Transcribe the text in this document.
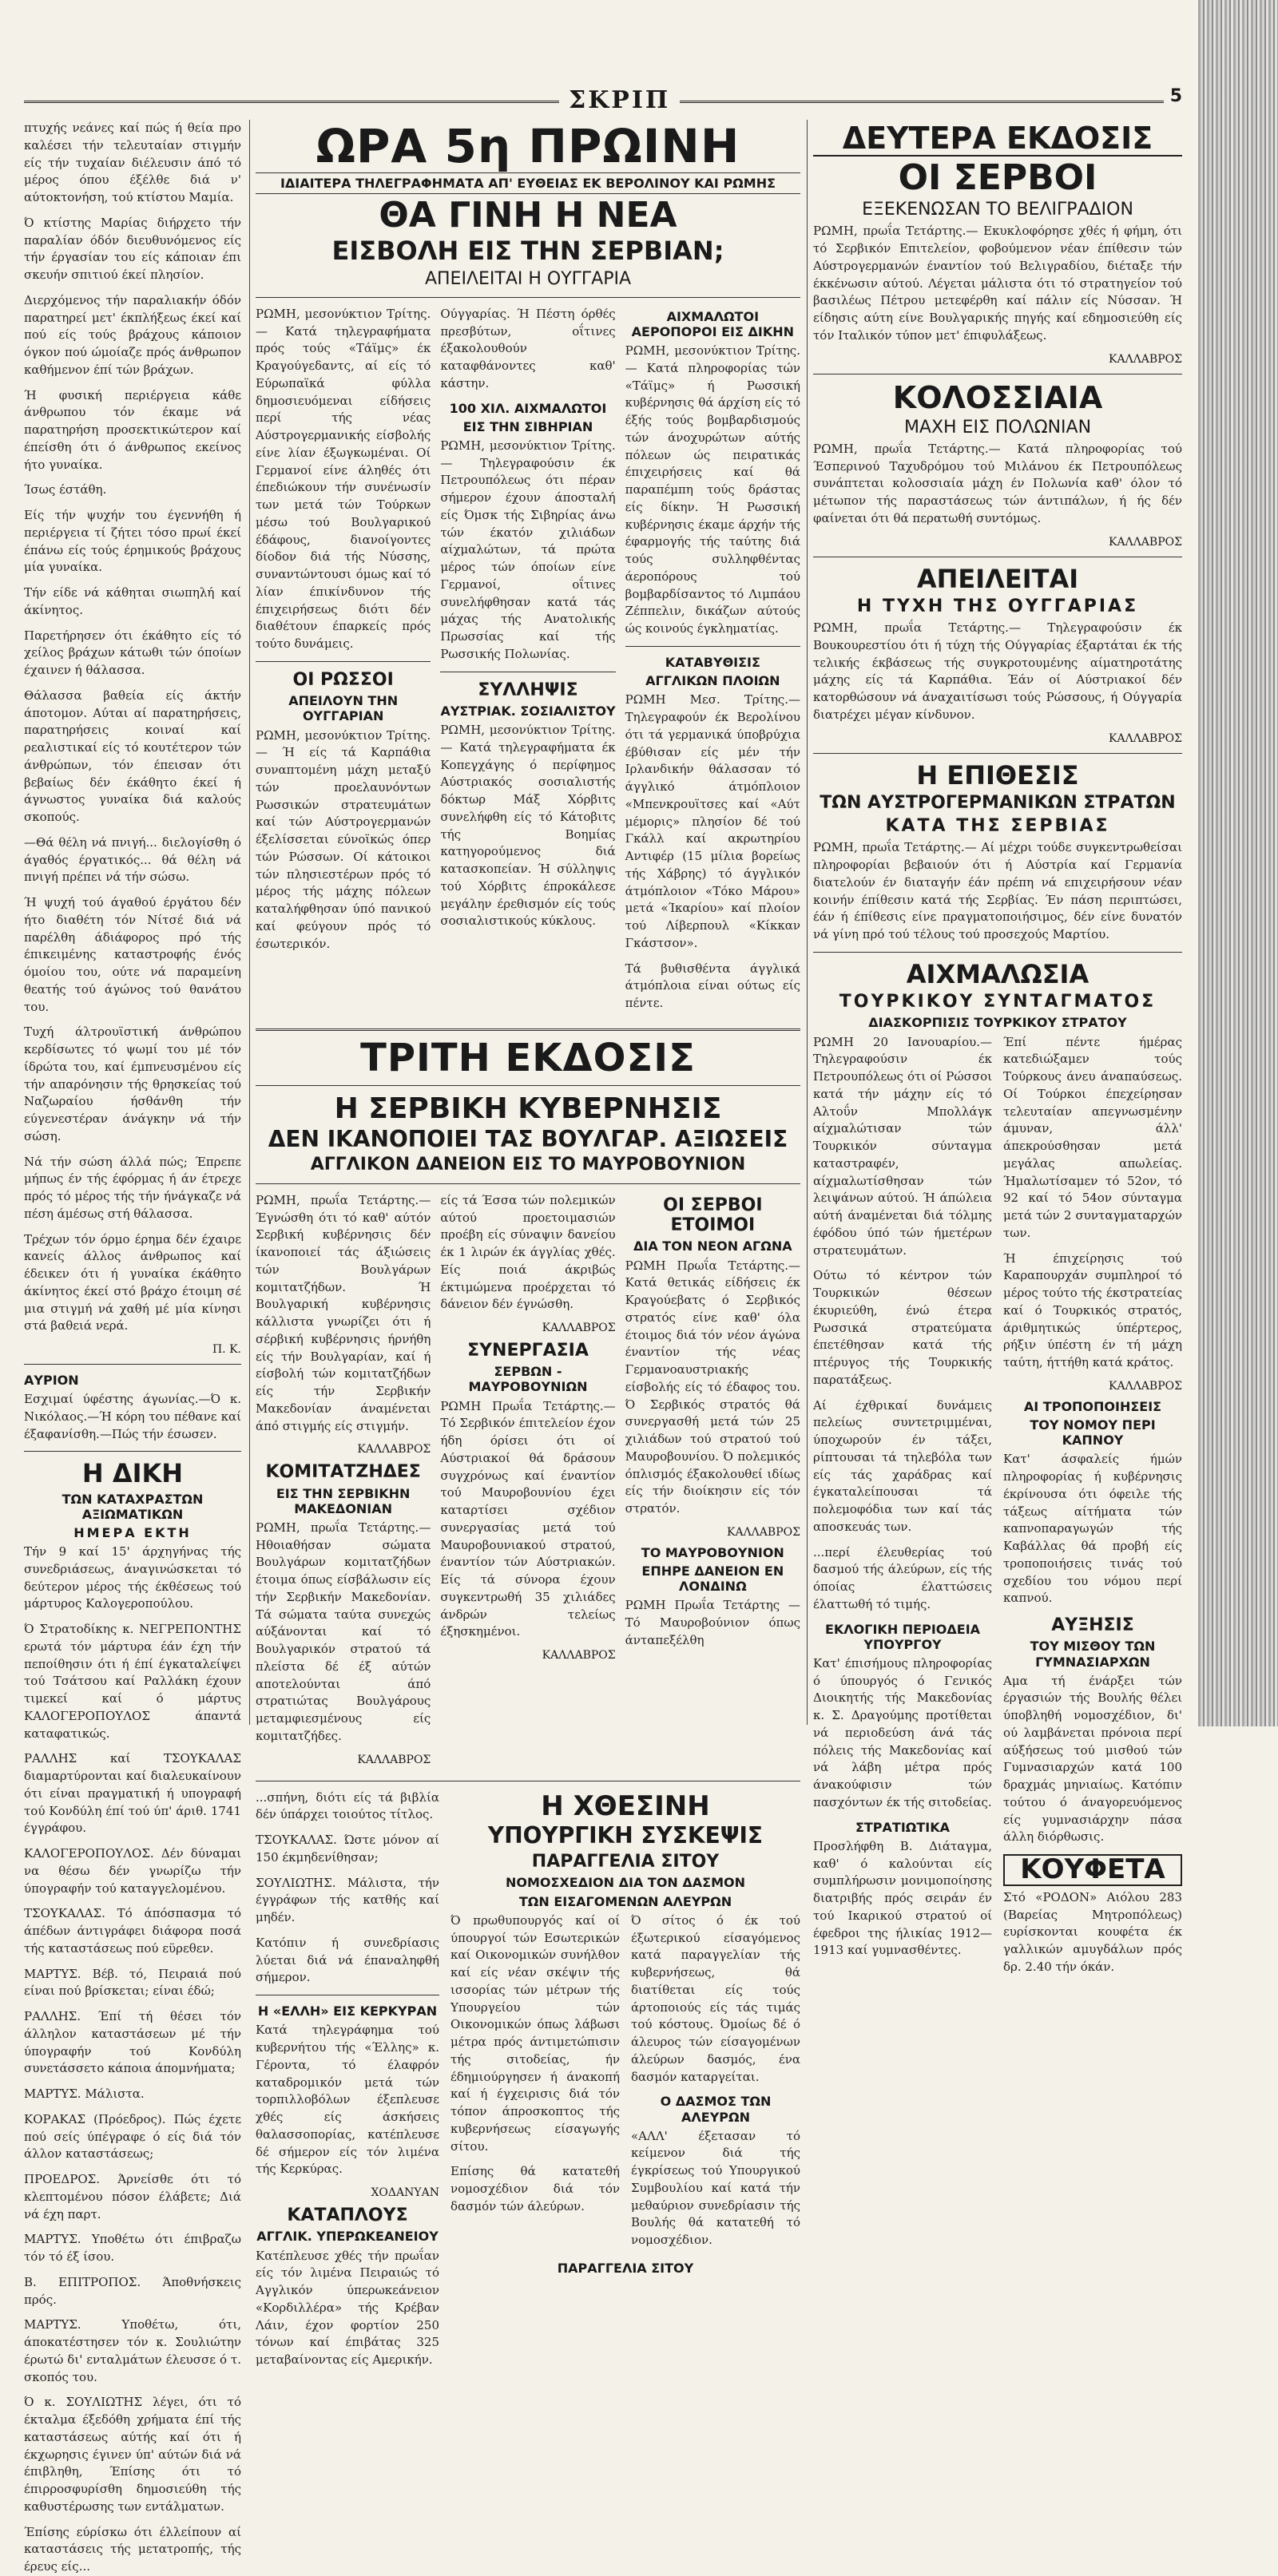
ΣΚΡΙΠ	5

πτυχής νεάνες καί πώς ή θεία προ καλέσει τήν τελευταίαν στιγμήν είς τήν τυχαίαν διέλευσιν άπό τό μέρος όπου έξέλθε διά ν' αύτοκτονήση, τού κτίστου Μαμία.

Ό κτίστης Μαρίας διήρχετο τήν παραλίαν όδόν διευθυνόμενος είς τήν έργασίαν του είς κάποιαν έπι σκευήν σπιτιού έκεί πλησίον.

Διερχόμενος τήν παραλιακήν όδόν παρατηρεί μετ' έκπλήξεως έκεί καί πού είς τούς βράχους κάποιον όγκον πού ώμοίαζε πρός άνθρωπον καθήμενον έπί τών βράχων.

Ή φυσική περιέργεια κάθε άνθρωπου τόν έκαμε νά παρατηρήση προσεκτικώτερον καί έπείσθη ότι ό άνθρωπος εκείνος ήτο γυναίκα.

Ίσως έστάθη.

Είς τήν ψυχήν του έγεννήθη ή περιέργεια τί ζήτει τόσο πρωί έκεί έπάνω είς τούς έρημικούς βράχους μία γυναίκα.

Τήν είδε νά κάθηται σιωπηλή καί άκίνητος.

Παρετήρησεν ότι έκάθητο είς τό χείλος βράχων κάτωθι τών όποίων έχαινεν ή θάλασσα.

Θάλασσα βαθεία είς άκτήν άποτομον. Αύται αί παρατηρήσεις, παρατηρήσεις κοιναί καί ρεαλιστικαί είς τό κουτέτερον τών άνθρώπων, τόν έπεισαν ότι βεβαίως δέν έκάθητο έκεί ή άγνωστος γυναίκα διά καλούς σκοπούς.

—Θά θέλη νά πνιγή... διελογίσθη ό άγαθός έργατικός... θά θέλη νά πνιγή πρέπει νά τήν σώσω.

Ή ψυχή τού άγαθού έργάτου δέν ήτο διαθέτη τόν Νίτσέ διά νά παρέλθη άδιάφορος πρό τής έπικειμένης καταστροφής ένός όμοίου του, ούτε νά παραμείνη θεατής τού άγώνος τού θανάτου του.

Τυχή άλτρουϊστική άνθρώπου κερδίσωτες τό ψωμί του μέ τόν ίδρώτα του, καί έμπνευσμένου είς τήν απαρόνησιν τής θρησκείας τού Ναζωραίου ήσθάνθη τήν εύγενεστέραν άνάγκην νά τήν σώση.

Νά τήν σώση άλλά πώς; Έπρεπε μήπως έν τής έφόρμας ή άν έτρεχε πρός τό μέρος τής τήν ήνάγκαζε νά πέση άμέσως στή θάλασσα.

Τρέχων τόν όρμο έρημα δέν έχαιρε κανείς άλλος άνθρωπος καί έδεικεν ότι ή γυναίκα έκάθητο άκίνητος έκεί στό βράχο έτοιμη σέ μια στιγμή νά χαθή μέ μία κίνησι στά βαθειά νερά.

Π. Κ.
ΑΥΡΙΟΝ

Εσχιμαί ύφέστης άγωνίας.—Ό κ. Νικόλαος.—Ή κόρη του πέθανε καί έξαφανίσθη.—Πώς τήν έσωσεν.

Η ΔΙΚΗ
ΤΩΝ ΚΑΤΑΧΡΑΣΤΩΝ ΑΞΙΩΜΑΤΙΚΩΝ
ΗΜΕΡΑ ΕΚΤΗ

Τήν 9 καί 15' άρχηγήνας τής συνεδριάσεως, άναγινώσκεται τό δεύτερον μέρος τής έκθέσεως τού μάρτυρος Καλογεροπούλου.

Ό Στρατοδίκης κ. ΝΕΓΡΕΠΟΝΤΗΣ ερωτά τόν μάρτυρα έάν έχη τήν πεποίθησιν ότι ή έπί έγκαταλείψει τού Τσάτσου καί Ραλλάκη έχουν τιμεκεί καί ό μάρτυς ΚΑΛΟΓΕΡΟΠΟΥΛΟΣ άπαντά καταφατικώς.

ΡΑΛΛΗΣ καί ΤΣΟΥΚΑΛΑΣ διαμαρτύρονται καί διαλευκαίνουν ότι είναι πραγματική ή υπογραφή τού Κονδύλη έπί τού ύπ' άριθ. 1741 έγγράφου.

ΚΑΛΟΓΕΡΟΠΟΥΛΟΣ. Δέν δύναμαι να θέσω δέν γνωρίζω τήν ύπογραφήν τού καταγγελομένου.

ΤΣΟΥΚΑΛΑΣ. Τό άπόσπασμα τό άπέδων άντιγράφει διάφορα ποσά τής καταστάσεως πού εϋρεθεν.

ΜΑΡΤΥΣ. Βέβ. τό, Πειραιά πού είναι πού βρίσκεται; είναι έδώ;

ΡΑΛΛΗΣ. Έπί τή θέσει τόν άλληλον καταστάσεων μέ τήν ύπογραφήν τού Κονδύλη συνετάσσετο κάποια άπομνήματα;

ΜΑΡΤΥΣ. Μάλιστα.

ΚΟΡΑΚΑΣ (Πρόεδρος). Πώς έχετε πού σείς ύπέγραφε ό είς διά τόν άλλον καταστάσεως;

ΠΡΟΕΔΡΟΣ. Άρνείσθε ότι τό κλεπτομένου πόσον έλάβετε; Διά νά έχη παρτ.

ΜΑΡΤΥΣ. Υποθέτω ότι έπιβραζω τόν τό έξ ίσου.

Β. ΕΠΙΤΡΟΠΟΣ. Άποθνήσκεις πρός.

ΜΑΡΤΥΣ. Υποθέτω, ότι, άποκατέστησεν τόν κ. Σουλιώτην έρωτώ δι' ενταλμάτων έλευσσε ό τ. σκοπός του.

Ό κ. ΣΟΥΛΙΩΤΗΣ λέγει, ότι τό έκταλμα έξεδόθη χρήματα έπί τής καταστάσεως αύτής καί ότι ή έκχωρησις έγινεν ύπ' αύτών διά νά έπιβληθη, Έπίσης ότι τό έπιρροσφυρίσθη δημοσιεύθη τής καθυστέρωσης των εντάλματων.

Έπίσης εύρίσκω ότι έλλείπουν αί καταστάσεις τής μετατροπής, τής έρευς είς...

ΩΡΑ 5η ΠΡΩΙΝΗ
ΙΔΙΑΙΤΕΡΑ ΤΗΛΕΓΡΑΦΗΜΑΤΑ ΑΠ' ΕΥΘΕΙΑΣ ΕΚ ΒΕΡΟΛΙΝΟΥ ΚΑΙ ΡΩΜΗΣ
ΘΑ ΓΙΝΗ Η ΝΕΑ
ΕΙΣΒΟΛΗ ΕΙΣ ΤΗΝ ΣΕΡΒΙΑΝ;
ΑΠΕΙΛΕΙΤΑΙ Η ΟΥΓΓΑΡΙΑ

ΡΩΜΗ, μεσονύκτιον Τρίτης.— Κατά τηλεγραφήματα πρός τούς «Τάϊμς» έκ Κραγούγεδαντς, αί είς τό Εύρωπαϊκά φύλλα δημοσιευόμεναι είδήσεις περί τής νέας Αύστρογερμανικής είσβολής είνε λίαν έξωγκωμέναι. Οί Γερμανοί είνε άληθές ότι έπεδιώκουν τήν συνένωσίν των μετά τών Τούρκων μέσω τού Βουλγαρικού έδάφους, διανοίγοντες δίοδον διά τής Νύσσης, συναντώντουσι όμως καί τό λίαν έπικίνδυνον τής έπιχειρήσεως διότι δέν διαθέτουν έπαρκείς πρός τούτο δυνάμεις.

ΟΙ ΡΩΣΣΟΙ
ΑΠΕΙΛΟΥΝ ΤΗΝ ΟΥΓΓΑΡΙΑΝ

ΡΩΜΗ, μεσονύκτιον Τρίτης.— Ή είς τά Καρπάθια συναπτομένη μάχη μεταξύ τών προελαυνόντων Ρωσσικών στρατευμάτων καί τών Αύστρογερμανών έξελίσσεται εύνοϊκώς όπερ τών Ρώσσων. Οί κάτοικοι τών πλησιεστέρων πρός τό μέρος τής μάχης πόλεων καταλήφθησαν ύπό πανικού καί φεύγουν πρός τό έσωτερικόν.

Ούγγαρίας. Ή Πέστη όρθές πρεσβύτων, οΐτινες έξακολουθούν καταφθάνοντες καθ' κάστην.

100 ΧΙΛ. ΑΙΧΜΑΛΩΤΟΙ
ΕΙΣ ΤΗΝ ΣΙΒΗΡΙΑΝ

ΡΩΜΗ, μεσονύκτιον Τρίτης.— Τηλεγραφούσιν έκ Πετρουπόλεως ότι πέραν σήμερον έχουν άποσταλή είς Όμσκ τής Σιβηρίας άνω τών έκατόν χιλιάδων αίχμαλώτων, τά πρώτα μέρος τών όποίων είνε Γερμανοί, οΐτινες συνελήφθησαν κατά τάς μάχας τής Ανατολικής Πρωσσίας καί τής Ρωσσικής Πολωνίας.

ΣΥΛΛΗΨΙΣ
ΑΥΣΤΡΙΑΚ. ΣΟΣΙΑΛΙΣΤΟΥ

ΡΩΜΗ, μεσονύκτιον Τρίτης.— Κατά τηλεγραφήματα έκ Κοπεγχάγης ό περίφημος Αύστριακός σοσιαλιστής δόκτωρ Μάξ Χόρβιτς συνελήφθη είς τό Κάτοβιτς τής Βοημίας κατηγορούμενος διά κατασκοπείαν. Ή σύλληψις τού Χόρβιτς έπροκάλεσε μεγάλην έρεθισμόν είς τούς σοσιαλιστικούς κύκλους.

ΑΙΧΜΑΛΩΤΟΙ ΑΕΡΟΠΟΡΟΙ ΕΙΣ ΔΙΚΗΝ

ΡΩΜΗ, μεσονύκτιον Τρίτης.— Κατά πληροφορίας τών «Τάϊμς» ή Ρωσσική κυβέρνησις θά άρχίση είς τό έξής τούς βομβαρδισμούς τών άνοχυρώτων αύτής πόλεων ώς πειρατικάς έπιχειρήσεις καί θά παραπέμπη τούς δράστας είς δίκην. Ή Ρωσσική κυβέρνησις έκαμε άρχήν τής έφαρμογής τής ταύτης διά τούς συλληφθέντας άεροπόρους τού βομβαρδίσαντος τό Λιμπάου Ζέππελιν, δικάζων αύτούς ώς κοινούς έγκληματίας.

ΚΑΤΑΒΥΘΙΣΙΣ
ΑΓΓΛΙΚΩΝ ΠΛΟΙΩΝ

ΡΩΜΗ Μεσ. Τρίτης.—Τηλεγραφούν έκ Βερολίνου ότι τά γερμανικά ύποβρύχια έβύθισαν είς μέν τήν Ιρλανδικήν θάλασσαν τό άγγλικό άτμόπλοιον «Μπενκρουϊτσες καί «Αύτ μέμορις» πλησίον δέ τού Γκάλλ καί ακρωτηρίου Αντιφέρ (15 μίλια βορείως τής Χάβρης) τό άγγλικόν άτμόπλοιον «Τόκο Μάρου» μετά «Ίκαρίου» καί πλοίον τού Λίβερπουλ «Κίκκαν Γκάστσον».

Τά βυθισθέντα άγγλικά άτμόπλοια είναι ούτως είς πέντε.

ΤΡΙΤΗ ΕΚΔΟΣΙΣ
Η ΣΕΡΒΙΚΗ ΚΥΒΕΡΝΗΣΙΣ
ΔΕΝ ΙΚΑΝΟΠΟΙΕΙ ΤΑΣ ΒΟΥΛΓΑΡ. ΑΞΙΩΣΕΙΣ
ΑΓΓΛΙΚΟΝ ΔΑΝΕΙΟΝ ΕΙΣ ΤΟ ΜΑΥΡΟΒΟΥΝΙΟΝ

ΡΩΜΗ, πρωΐα Τετάρτης.— Έγνώσθη ότι τό καθ' αύτόν Σερβική κυβέρνησις δέν ίκανοποιεί τάς άξιώσεις τών Βουλγάρων κομιτατζήδων. Ή Βουλγαρική κυβέρνησις κάλλιστα γνωρίζει ότι ή σέρβική κυβέρνησις ήρνήθη είς τήν Βουλγαρίαν, καί ή είσβολή τών κομιτατζήδων είς τήν Σερβικήν Μακεδονίαν άναμένεται άπό στιγμής είς στιγμήν.

ΚΑΛΛΑΒΡΟΣ
ΚΟΜΙΤΑΤΖΗΔΕΣ
ΕΙΣ ΤΗΝ ΣΕΡΒΙΚΗΝ ΜΑΚΕΔΟΝΙΑΝ

ΡΩΜΗ, πρωΐα Τετάρτης.— Ηθοιαθήσαν σώματα Βουλγάρων κομιτατζήδων έτοιμα όπως είσβάλωσιν είς τήν Σερβικήν Μακεδονίαν. Τά σώματα ταύτα συνεχώς αύξάνονται καί τό Βουλγαρικόν στρατού τά πλείστα δέ έξ αύτών αποτελούνται άπό στρατιώτας Βουλγάρους μεταμφιεσμένους είς κομιτατζήδες.

ΚΑΛΛΑΒΡΟΣ

είς τά Έσσα τών πολεμικών αύτού προετοιμασιών προέβη είς σύναψιν δανείου έκ 1 λιρών έκ άγγλίας χθές. Είς ποιά άκριβώς έκτιμώμενα προέρχεται τό δάνειον δέν έγνώσθη.

ΚΑΛΛΑΒΡΟΣ
ΣΥΝΕΡΓΑΣΙΑ
ΣΕΡΒΩΝ - ΜΑΥΡΟΒΟΥΝΙΩΝ

ΡΩΜΗ Πρωΐα Τετάρτης.—Τό Σερβικόν έπιτελείον έχον ήδη όρίσει ότι οί Αύστριακοί θά δράσουν συγχρόνως καί έναντίον τού Μαυροβουνίου έχει καταρτίσει σχέδιον συνεργασίας μετά τού Μαυροβουνιακού στρατού, έναντίον τών Αύστριακών. Είς τά σύνορα έχουν συγκεντρωθή 35 χιλιάδες άνδρών τελείως έξησκημένοι.

ΚΑΛΛΑΒΡΟΣ
ΟΙ ΣΕΡΒΟΙ ΕΤΟΙΜΟΙ
ΔΙΑ ΤΟΝ ΝΕΟΝ ΑΓΩΝΑ

ΡΩΜΗ Πρωΐα Τετάρτης.—Κατά θετικάς είδήσεις έκ Κραγούεβατς ό Σερβικός στρατός είνε καθ' όλα έτοιμος διά τόν νέον άγώνα έναντίον τής νέας Γερμανοαυστριακής είσβολής είς τό έδαφος του. Ό Σερβικός στρατός θά συνεργασθή μετά τών 25 χιλιάδων τού στρατού τού Μαυροβουνίου. Ό πολεμικός όπλισμός έξακολουθεί ιδίως είς τήν διοίκησιν είς τόν στρατόν.

ΚΑΛΛΑΒΡΟΣ
ΤΟ ΜΑΥΡΟΒΟΥΝΙΟΝ
ΕΠΗΡΕ ΔΑΝΕΙΟΝ ΕΝ ΛΟΝΔΙΝΩ

ΡΩΜΗ Πρωΐα Τετάρτης —Τό Μαυροβούνιον όπως άνταπεξέλθη

...σπήνη, διότι είς τά βιβλία δέν ύπάρχει τοιούτος τίτλος.

ΤΣΟΥΚΑΛΑΣ. Ώστε μόνον αί 150 έκμηδενίθησαν;

ΣΟΥΛΙΩΤΗΣ. Μάλιστα, τήν έγγράφων τής κατθής καί μηδέν.

Κατόπιν ή συνεδρίασις λύεται διά νά έπαναληφθή σήμερον.

Η «ΕΛΛΗ» ΕΙΣ ΚΕΡΚΥΡΑΝ

Κατά τηλεγράφημα τού κυβερνήτου τής «Έλλης» κ. Γέροντα, τό έλαφρόν καταδρομικόν μετά τών τορπιλλοβόλων έξεπλευσε χθές είς άσκήσεις θαλασσοπορίας, κατέπλευσε δέ σήμερον είς τόν λιμένα τής Κερκύρας.

ΧΟΔΑΝΥΑΝ
ΚΑΤΑΠΛΟΥΣ
ΑΓΓΛΙΚ. ΥΠΕΡΩΚΕΑΝΕΙΟΥ

Κατέπλευσε χθές τήν πρωΐαν είς τόν λιμένα Πειραιώς τό Αγγλικόν ύπερωκεάνειον «Κορδιλλέρα» τής Κρέβαν Λάιν, έχον φορτίον 250 τόνων καί έπιβάτας 325 μεταβαίνοντας είς Αμερικήν.

Η ΧΘΕΣΙΝΗ
ΥΠΟΥΡΓΙΚΗ ΣΥΣΚΕΨΙΣ
ΠΑΡΑΓΓΕΛΙΑ ΣΙΤΟΥ
ΝΟΜΟΣΧΕΔΙΟΝ ΔΙΑ ΤΟΝ ΔΑΣΜΟΝ
ΤΩΝ ΕΙΣΑΓΟΜΕΝΩΝ ΑΛΕΥΡΩΝ

Ό πρωθυπουργός καί οί ύπουργοί τών Εσωτερικών καί Οικονομικών συνήλθον καί είς νέαν σκέψιν τής ισσορίας τών μέτρων τής Υπουργείου τών Οικονομικών όπως λάβωσι μέτρα πρός άντιμετώπισιν τής σιτοδείας, ήν έδημιούργησεν ή άνακοπή καί ή έγχειρισις διά τόν τόπον άπροσκοπτος τής κυβερνήσεως είσαγωγής σίτου.

Επίσης θά κατατεθή νομοσχέδιον διά τόν δασμόν τών άλεύρων.

Ό σίτος ό έκ τού έξωτερικού είσαγόμενος κατά παραγγελίαν τής κυβερνήσεως, θά διατίθεται είς τούς άρτοποιούς είς τάς τιμάς τού κόστους. Όμοίως δέ ό άλευρος τών είσαγομένων άλεύρων δασμός, ένα δασμόν καταργείται.

Ο ΔΑΣΜΟΣ ΤΩΝ ΑΛΕΥΡΩΝ

«ΑΛΛ' έξετασαν τό κείμενον διά τής έγκρίσεως τού Υπουργικού Συμβουλίου καί κατά τήν μεθαύριον συνεδρίασιν τής Βουλής θά κατατεθή τό νομοσχέδιον.

ΠΑΡΑΓΓΕΛΙΑ ΣΙΤΟΥ
ΔΕΥΤΕΡΑ ΕΚΔΟΣΙΣ
ΟΙ ΣΕΡΒΟΙ
ΕΞΕΚΕΝΩΣΑΝ ΤΟ ΒΕΛΙΓΡΑΔΙΟΝ

ΡΩΜΗ, πρωΐα Τετάρτης.— Εκυκλοφόρησε χθές ή φήμη, ότι τό Σερβικόν Επιτελείον, φοβούμενον νέαν έπίθεσιν τών Αύστρογερμανών έναντίον τού Βελιγραδίου, διέταξε τήν έκκένωσιν αύτού. Λέγεται μάλιστα ότι τό στρατηγείον τού βασιλέως Πέτρου μετεφέρθη καί πάλιν είς Νύσσαν. Ή είδησις αύτη είνε Βουλγαρικής πηγής καί εδημοσιεύθη είς τόν Ιταλικόν τύπον μετ' έπιφυλάξεως.

ΚΑΛΛΑΒΡΟΣ
ΚΟΛΟΣΣΙΑΙΑ
ΜΑΧΗ ΕΙΣ ΠΟΛΩΝΙΑΝ

ΡΩΜΗ, πρωΐα Τετάρτης.— Κατά πληροφορίας τού Έσπερινού Ταχυδρόμου τού Μιλάνου έκ Πετρουπόλεως συνάπτεται κολοσσιαία μάχη έν Πολωνία καθ' όλον τό μέτωπον τής παραστάσεως τών άντιπάλων, ή ής δέν φαίνεται ότι θά περατωθή συντόμως.

ΚΑΛΛΑΒΡΟΣ
ΑΠΕΙΛΕΙΤΑΙ
Η ΤΥΧΗ ΤΗΣ ΟΥΓΓΑΡΙΑΣ

ΡΩΜΗ, πρωΐα Τετάρτης.— Τηλεγραφούσιν έκ Βουκουρεστίου ότι ή τύχη τής Ούγγαρίας έξαρτάται έκ τής τελικής έκβάσεως τής συγκροτουμένης αίματηροτάτης μάχης είς τά Καρπάθια. Έάν οί Αύστριακοί δέν κατορθώσουν νά άναχαιτίσωσι τούς Ρώσσους, ή Ούγγαρία διατρέχει μέγαν κίνδυνον.

ΚΑΛΛΑΒΡΟΣ
Η ΕΠΙΘΕΣΙΣ
ΤΩΝ ΑΥΣΤΡΟΓΕΡΜΑΝΙΚΩΝ ΣΤΡΑΤΩΝ
ΚΑΤΑ ΤΗΣ ΣΕΡΒΙΑΣ

ΡΩΜΗ, πρωΐα Τετάρτης.— Αί μέχρι τούδε συγκεντρωθείσαι πληροφορίαι βεβαιούν ότι ή Αύστρία καί Γερμανία διατελούν έν διαταγήν έάν πρέπη νά επιχειρήσουν νέαν κοινήν έπίθεσιν κατά τής Σερβίας. Έν πάση περιπτώσει, έάν ή έπίθεσις είνε πραγματοποιήσιμος, δέν είνε δυνατόν νά γίνη πρό τού τέλους τού προσεχούς Μαρτίου.

ΑΙΧΜΑΛΩΣΙΑ
ΤΟΥΡΚΙΚΟΥ ΣΥΝΤΑΓΜΑΤΟΣ
ΔΙΑΣΚΟΡΠΙΣΙΣ ΤΟΥΡΚΙΚΟΥ ΣΤΡΑΤΟΥ

ΡΩΜΗ 20 Ιανουαρίου.—Τηλεγραφούσιν έκ Πετρουπόλεως ότι οί Ρώσσοι κατά τήν μάχην είς τό Αλτοΰν Μπολλάγκ αίχμαλώτισαν τών Τουρκικόν σύνταγμα καταστραφέν, αίχμαλωτίσθησαν τών λειψάνων αύτού. Ή άπώλεια αύτή άναμένεται διά τόλμης έφόδου ύπό τών ήμετέρων στρατευμάτων.

Ούτω τό κέντρον τών Τουρκικών θέσεων έκυριεύθη, ένώ έτερα Ρωσσικά στρατεύματα έπετέθησαν κατά τής πτέρυγος τής Τουρκικής παρατάξεως.

Αί έχθρικαί δυνάμεις πελείως συντετριμμέναι, ύποχωρούν έν τάξει, ρίπτουσαι τά τηλεβόλα των είς τάς χαράδρας καί έγκαταλείπουσαι τά πολεμοφόδια των καί τάς αποσκευάς των.

...περί έλευθερίας τού δασμού τής άλεύρων, είς τής όποίας έλαττώσεις έλαττωθή τό τιμής.

ΕΚΛΟΓΙΚΗ ΠΕΡΙΟΔΕΙΑ ΥΠΟΥΡΓΟΥ

Κατ' έπισήμους πληροφορίας ό ύπουργός ό Γενικός Διοικητής τής Μακεδονίας κ. Σ. Δραγούμης προτίθεται νά περιοδεύση άνά τάς πόλεις τής Μακεδονίας καί νά λάβη μέτρα πρός άνακούφισιν τών πασχόντων έκ τής σιτοδείας.

ΣΤΡΑΤΙΩΤΙΚΑ

Προσλήφθη Β. Διάταγμα, καθ' ό καλούνται είς συμπλήρωσιν μονιμοποίησης διατριβής πρός σειράν έν τού Ικαρικού στρατού οί έφεδροι της ήλικίας 1912—1913 καί γυμνασθέντες.

Έπί πέντε ήμέρας κατεδιώξαμεν τούς Τούρκους άνευ άναπαύσεως. Οί Τούρκοι έπεχείρησαν τελευταίαν απεγνωσμένην άμυναν, άλλ' άπεκρούσθησαν μετά μεγάλας απωλείας. Ήμαλωτίσαμεν τό 52ον, τό 92 καί τό 54ον σύνταγμα μετά τών 2 συνταγματαρχών των.

Ή έπιχείρησις τού Καραπουρχάν συμπληροί τό μέρος τούτο τής έκστρατείας καί ό Τουρκικός στρατός, άριθμητικώς ύπέρτερος, ρήξιν ύπέστη έν τή μάχη ταύτη, ήττήθη κατά κράτος.

ΚΑΛΛΑΒΡΟΣ
ΑΙ ΤΡΟΠΟΠΟΙΗΣΕΙΣ
ΤΟΥ ΝΟΜΟΥ ΠΕΡΙ ΚΑΠΝΟΥ

Κατ' άσφαλείς ήμών πληροφορίας ή κυβέρνησις έκρίνουσα ότι όφειλε τής τάξεως αίτήματα τών καπνοπαραγωγών τής Καβάλλας θά προβή είς τροποποιήσεις τινάς τού σχεδίου του νόμου περί καπνού.

ΑΥΞΗΣΙΣ
ΤΟΥ ΜΙΣΘΟΥ ΤΩΝ ΓΥΜΝΑΣΙΑΡΧΩΝ

Αμα τή ένάρξει τών έργασιών τής Βουλής θέλει ύποβληθή νομοσχέδιον, δι' ού λαμβάνεται πρόνοια περί αύξήσεως τού μισθού τών Γυμνασιαρχών κατά 100 δραχμάς μηνιαίως. Κατόπιν τούτου ό άναγορευόμενος είς γυμνασιάρχην πάσα άλλη διόρθωσις.

ΚΟΥΦΕΤΑ

Στό «ΡΟΔΟΝ» Αιόλου 283 (Βαρείας Μητροπόλεως) ευρίσκονται κουφέτα έκ γαλλικών αμυγδάλων πρός δρ. 2.40 τήν όκάν.
